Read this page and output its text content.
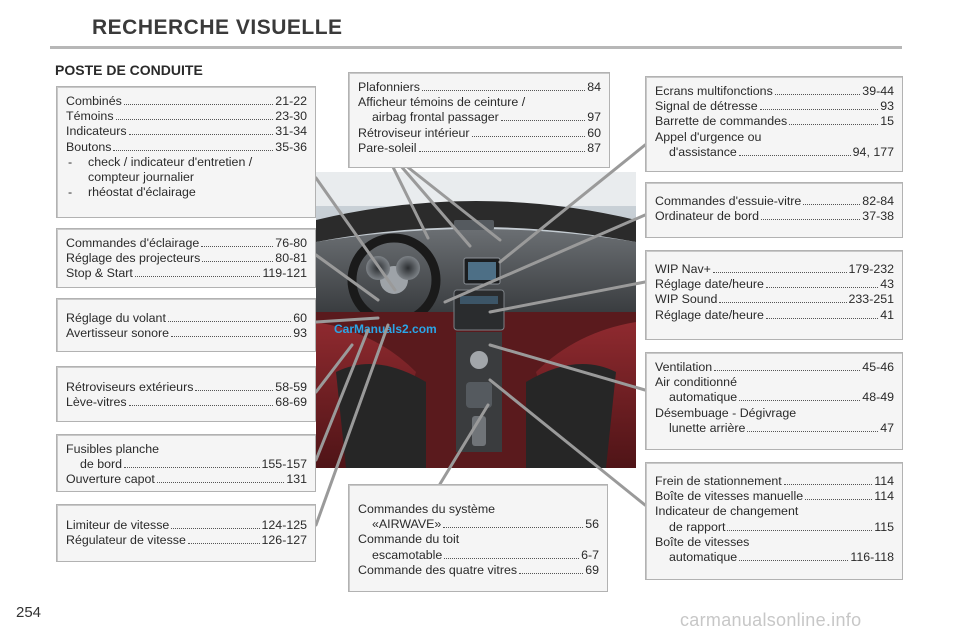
RECHERCHE VISUELLE
POSTE DE CONDUITE
CarManuals2.com
Combinés	21-22
Témoins	23-30
Indicateurs	31-34
Boutons	35-36
-	check / indicateur d'entretien /
compteur journalier
-	rhéostat d'éclairage
Commandes d'éclairage	76-80
Réglage des projecteurs	80-81
Stop & Start	119-121
Réglage du volant	60
Avertisseur sonore	93
Rétroviseurs extérieurs	58-59
Lève-vitres	68-69
Fusibles planche
de bord	155-157
Ouverture capot	131
Limiteur de vitesse	124-125
Régulateur de vitesse	126-127
Plafonniers	84
Afficheur témoins de ceinture /
airbag frontal passager	97
Rétroviseur intérieur	60
Pare-soleil	87
Commandes du système
«AIRWAVE»	56
Commande du toit
escamotable	6-7
Commande des quatre vitres	69
Ecrans multifonctions	39-44
Signal de détresse	93
Barrette de commandes	15
Appel d'urgence ou
d'assistance	94, 177
Commandes d'essuie-vitre	82-84
Ordinateur de bord	37-38
WIP Nav+	179-232
Réglage date/heure	43
WIP Sound	233-251
Réglage date/heure	41
Ventilation	45-46
Air conditionné
automatique	48-49
Désembuage - Dégivrage
lunette arrière	47
Frein de stationnement	114
Boîte de vitesses manuelle	114
Indicateur de changement
de rapport	115
Boîte de vitesses
automatique	116-118
254	carmanualsonline.info
